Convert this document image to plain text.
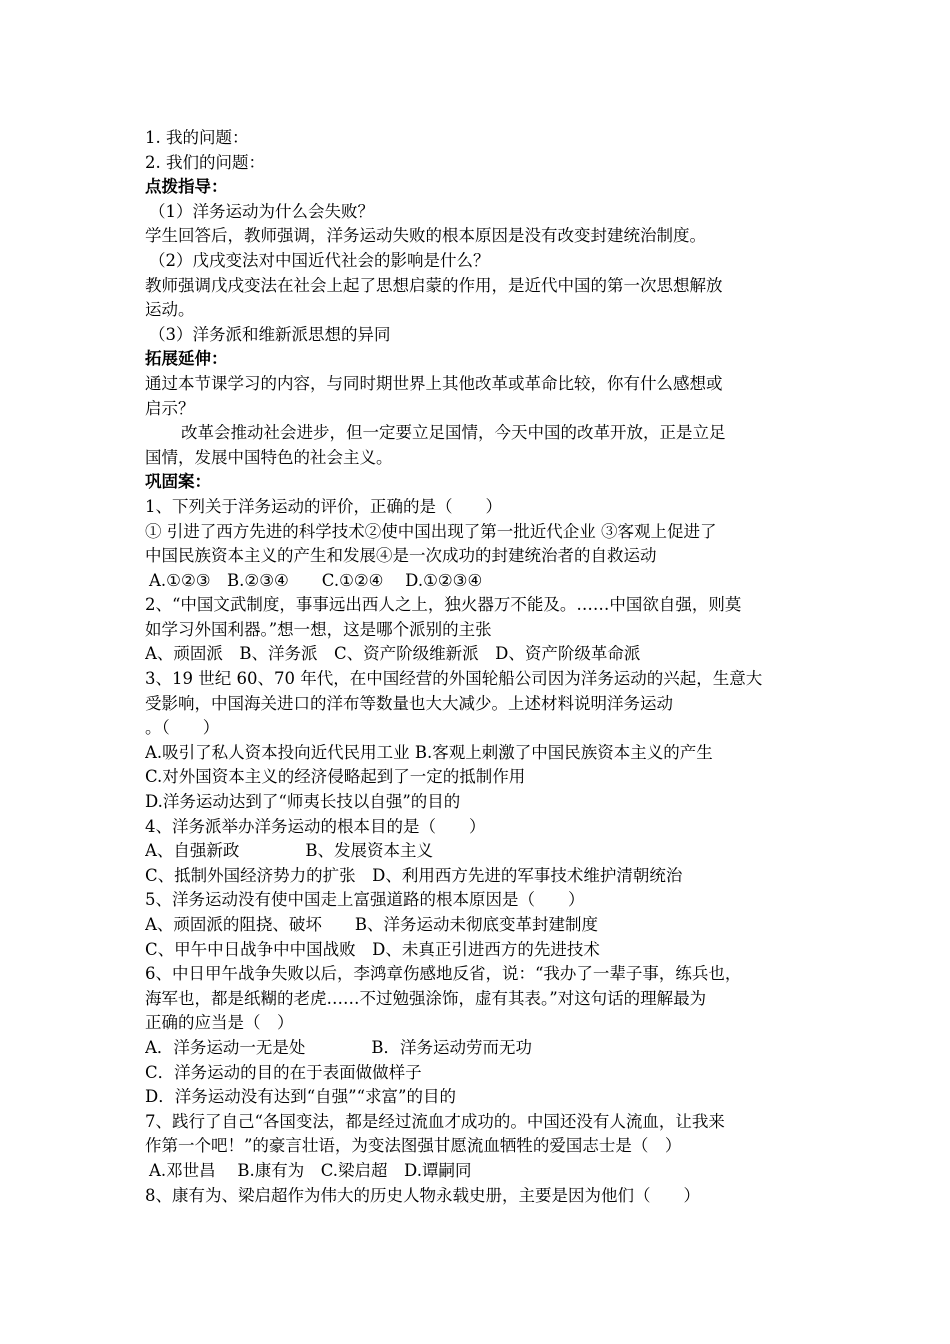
1. 我的问题：
2. 我们的问题：
点拨指导：
（1）洋务运动为什么会失败？
学生回答后，教师强调，洋务运动失败的根本原因是没有改变封建统治制度。
（2）戊戌变法对中国近代社会的影响是什么？
教师强调戊戌变法在社会上起了思想启蒙的作用，是近代中国的第一次思想解放
运动。
（3）洋务派和维新派思想的异同
拓展延伸：
通过本节课学习的内容，与同时期世界上其他改革或革命比较，你有什么感想或
启示？
改革会推动社会进步，但一定要立足国情，今天中国的改革开放，正是立足
国情，发展中国特色的社会主义。
巩固案：
1、下列关于洋务运动的评价，正确的是（　　）
① 引进了西方先进的科学技术②使中国出现了第一批近代企业 ③客观上促进了
中国民族资本主义的产生和发展④是一次成功的封建统治者的自救运动
A.①②③　B.②③④　　C.①②④　 D.①②③④
2、“中国文武制度，事事远出西人之上，独火器万不能及。……中国欲自强，则莫
如学习外国利器。”想一想，这是哪个派别的主张
A、顽固派　B、洋务派　C、资产阶级维新派　D、资产阶级革命派
3、19 世纪 60、70 年代，在中国经营的外国轮船公司因为洋务运动的兴起，生意大
受影响，中国海关进口的洋布等数量也大大减少。上述材料说明洋务运动
。（　　）
A.吸引了私人资本投向近代民用工业 B.客观上刺激了中国民族资本主义的产生
C.对外国资本主义的经济侵略起到了一定的抵制作用
D.洋务运动达到了“师夷长技以自强”的目的
4、洋务派举办洋务运动的根本目的是（　　）
A、自强新政　　　　B、发展资本主义
C、抵制外国经济势力的扩张　D、利用西方先进的军事技术维护清朝统治
5、洋务运动没有使中国走上富强道路的根本原因是（　　）
A、顽固派的阻挠、破坏　　B、洋务运动未彻底变革封建制度
C、甲午中日战争中中国战败　D、未真正引进西方的先进技术
6、中日甲午战争失败以后，李鸿章伤感地反省，说：“我办了一辈子事，练兵也，
海军也，都是纸糊的老虎……不过勉强涂饰，虚有其表。”对这句话的理解最为
正确的应当是（　）
A．洋务运动一无是处　　　　B．洋务运动劳而无功
C．洋务运动的目的在于表面做做样子
D．洋务运动没有达到“自强”“求富”的目的
7、践行了自己“各国变法，都是经过流血才成功的。中国还没有人流血，让我来
作第一个吧！”的豪言壮语，为变法图强甘愿流血牺牲的爱国志士是（　）
A.邓世昌　 B.康有为　C.梁启超　D.谭嗣同
8、康有为、梁启超作为伟大的历史人物永载史册，主要是因为他们（　　）
